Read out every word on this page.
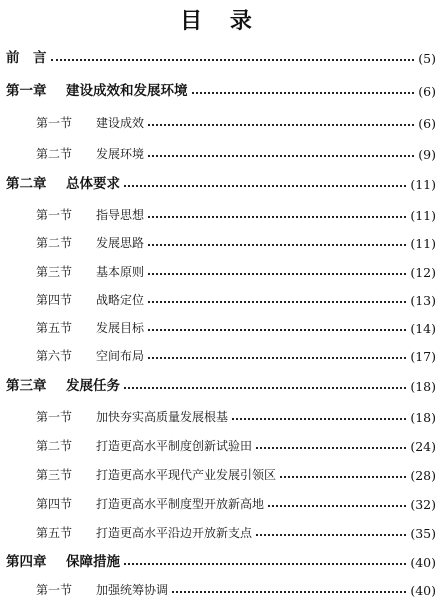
目 录
前　言	(5)
第一章	建设成效和发展环境	(6)
第一节	建设成效	(6)
第二节	发展环境	(9)
第二章	总体要求	(11)
第一节	指导思想	(11)
第二节	发展思路	(11)
第三节	基本原则	(12)
第四节	战略定位	(13)
第五节	发展目标	(14)
第六节	空间布局	(17)
第三章	发展任务	(18)
第一节	加快夯实高质量发展根基	(18)
第二节	打造更高水平制度创新试验田	(24)
第三节	打造更高水平现代产业发展引领区	(28)
第四节	打造更高水平制度型开放新高地	(32)
第五节	打造更高水平沿边开放新支点	(35)
第四章	保障措施	(40)
第一节	加强统筹协调	(40)
